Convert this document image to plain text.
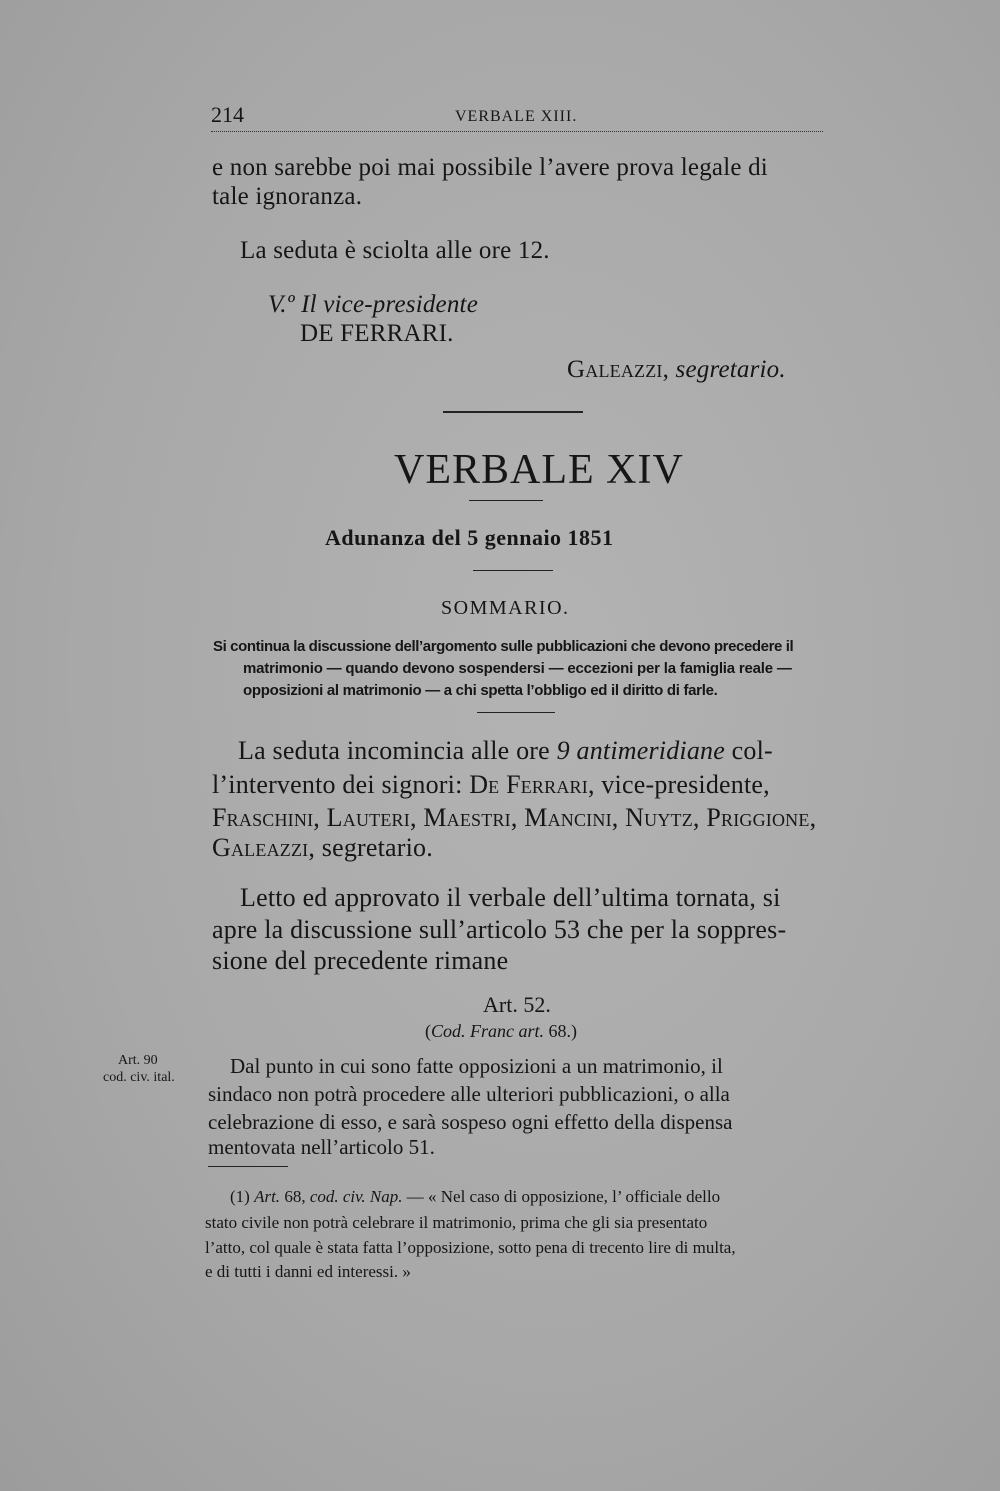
214	VERBALE XIII.
e non sarebbe poi mai possibile l’avere prova legale di
tale ignoranza.
La seduta è sciolta alle ore 12.
V.º Il vice-presidente
DE FERRARI.
Galeazzi, segretario.
VERBALE XIV
Adunanza del 5 gennaio 1851
SOMMARIO.
Si continua la discussione dell’argomento sulle pubblicazioni che devono precedere il
matrimonio — quando devono sospendersi — eccezioni per la famiglia reale —
opposizioni al matrimonio — a chi spetta l’obbligo ed il diritto di farle.
La seduta incomincia alle ore 9 antimeridiane col-
l’intervento dei signori: De Ferrari, vice-presidente,
Fraschini, Lauteri, Maestri, Mancini, Nuytz, Priggione,
Galeazzi, segretario.
Letto ed approvato il verbale dell’ultima tornata, si
apre la discussione sull’articolo 53 che per la soppres-
sione del precedente rimane
Art. 52.
(Cod. Franc art. 68.)
Art. 90
cod. civ. ital.	Dal punto in cui sono fatte opposizioni a un matrimonio, il
sindaco non potrà procedere alle ulteriori pubblicazioni, o alla
celebrazione di esso, e sarà sospeso ogni effetto della dispensa
mentovata nell’articolo 51.
(1) Art. 68, cod. civ. Nap. — « Nel caso di opposizione, l’ officiale dello
stato civile non potrà celebrare il matrimonio, prima che gli sia presentato
l’atto, col quale è stata fatta l’opposizione, sotto pena di trecento lire di multa,
e di tutti i danni ed interessi. »
